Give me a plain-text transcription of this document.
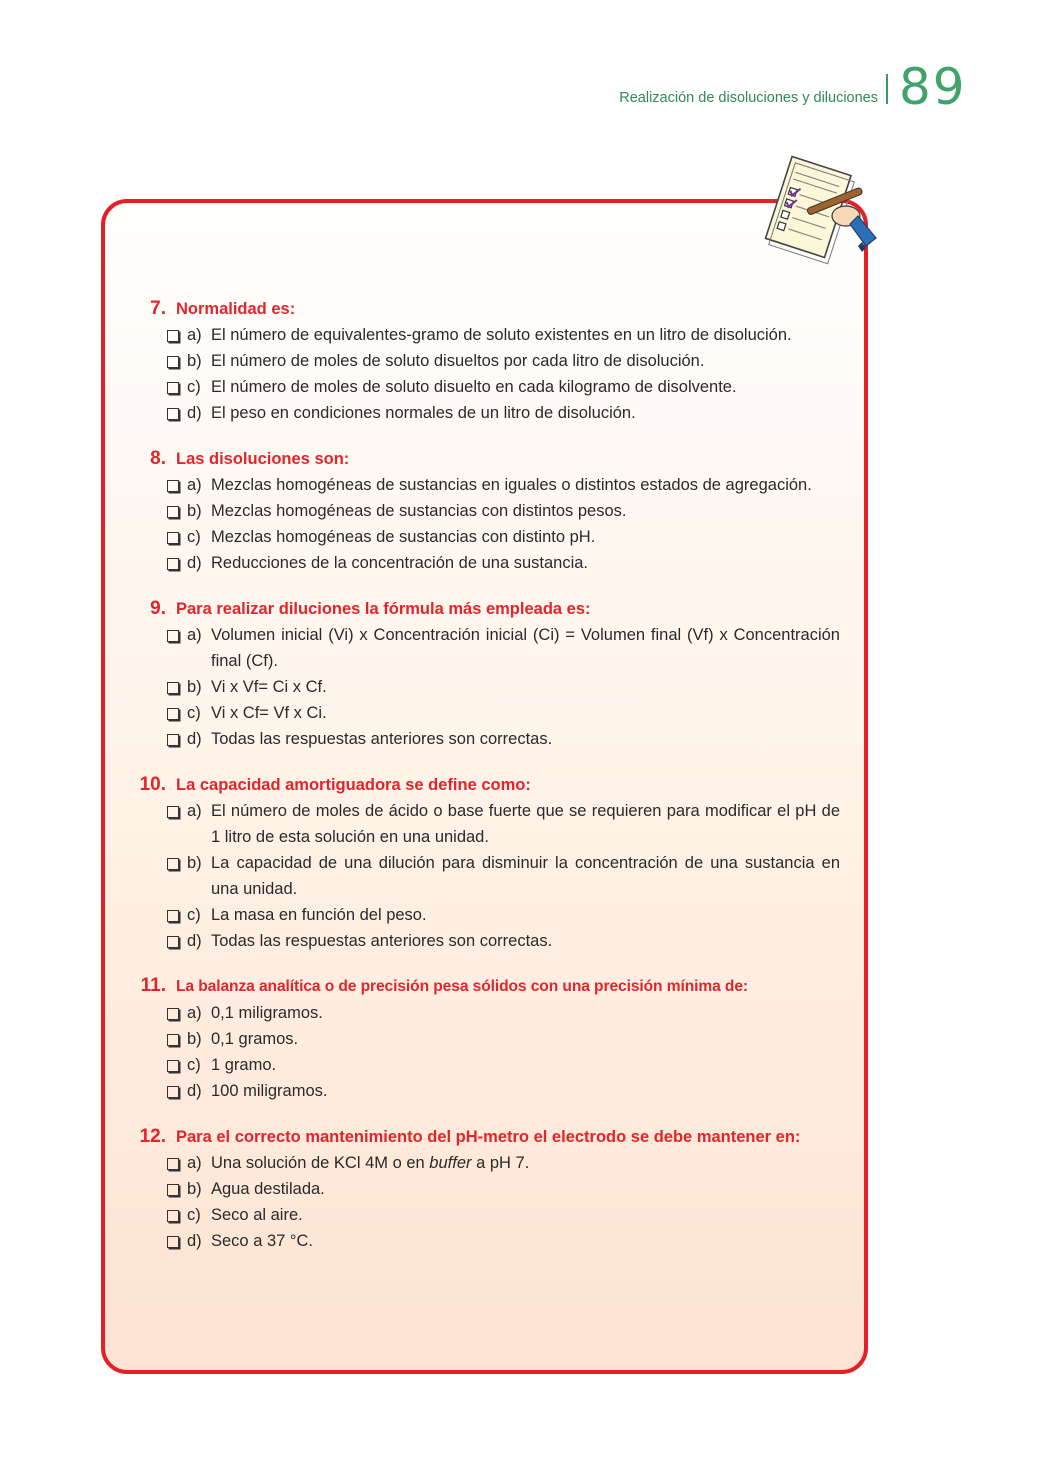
Realización de disoluciones y diluciones 89
7. Normalidad es:
a) El número de equivalentes-gramo de soluto existentes en un litro de disolución.
b) El número de moles de soluto disueltos por cada litro de disolución.
c) El número de moles de soluto disuelto en cada kilogramo de disolvente.
d) El peso en condiciones normales de un litro de disolución.
8. Las disoluciones son:
a) Mezclas homogéneas de sustancias en iguales o distintos estados de agregación.
b) Mezclas homogéneas de sustancias con distintos pesos.
c) Mezclas homogéneas de sustancias con distinto pH.
d) Reducciones de la concentración de una sustancia.
9. Para realizar diluciones la fórmula más empleada es:
a) Volumen inicial (Vi) x Concentración inicial (Ci) = Volumen final (Vf) x Concentración final (Cf).
b) Vi x Vf= Ci x Cf.
c) Vi x Cf= Vf x Ci.
d) Todas las respuestas anteriores son correctas.
10. La capacidad amortiguadora se define como:
a) El número de moles de ácido o base fuerte que se requieren para modificar el pH de 1 litro de esta solución en una unidad.
b) La capacidad de una dilución para disminuir la concentración de una sustancia en una unidad.
c) La masa en función del peso.
d) Todas las respuestas anteriores son correctas.
11. La balanza analítica o de precisión pesa sólidos con una precisión mínima de:
a) 0,1 miligramos.
b) 0,1 gramos.
c) 1 gramo.
d) 100 miligramos.
12. Para el correcto mantenimiento del pH-metro el electrodo se debe mantener en:
a) Una solución de KCl 4M o en buffer a pH 7.
b) Agua destilada.
c) Seco al aire.
d) Seco a 37 °C.
